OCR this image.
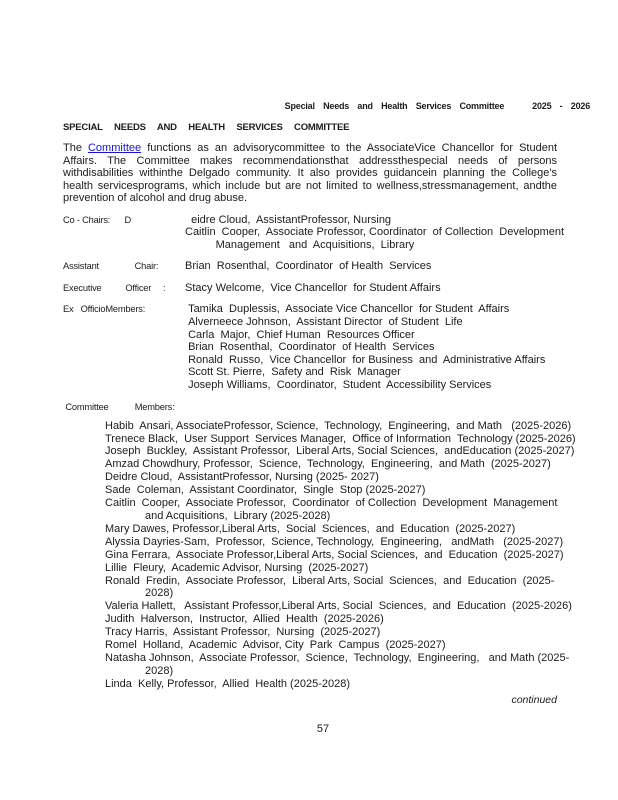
Special Needs and Health Services Committee	2025 - 2026
SPECIAL NEEDS AND HEALTH SERVICES COMMITTEE

The Committee functions as an advisorycommittee to the AssociateVice Chancellor for Student Affairs. The Committee makes recommendationsthat addressthespecial needs of persons withdisabilities withinthe Delgado community. It also provides guidancein planning the College's health servicesprograms, which include but are not limited to wellness,stressmanagement, andthe prevention of alcohol and drug abuse.

Co - Chairs:      D	eidre Cloud,  AssistantProfessor, Nursing
Caitlin  Cooper,  Associate Professor, Coordinator  of Collection  Development
Management   and  Acquisitions,  Library
Assistant               Chair:	Brian  Rosenthal,  Coordinator  of Health  Services
Executive          Officer     :	Stacy Welcome,  Vice Chancellor  for Student Affairs
Ex   OfficioMembers:	Tamika  Duplessis,  Associate Vice Chancellor  for Student  Affairs
Alverneece Johnson,  Assistant Director  of Student  Life
Carla  Major,  Chief Human  Resources Officer
Brian  Rosenthal,  Coordinator  of Health  Services
Ronald  Russo,  Vice Chancellor  for Business  and  Administrative Affairs
Scott St. Pierre,  Safety and  Risk  Manager
Joseph Williams,  Coordinator,  Student  Accessibility Services
Committee           Members:
Habib  Ansari, AssociateProfessor, Science,  Technology,  Engineering,  and Math   (2025-2026)
Trenece Black,  User Support  Services Manager,  Office of Information  Technology (2025-2026)
Joseph  Buckley,  Assistant Professor,  Liberal Arts, Social Sciences,  andEducation (2025-2027)
Amzad Chowdhury, Professor,  Science,  Technology,  Engineering,  and Math  (2025-2027)
Deidre Cloud,  AssistantProfessor, Nursing (2025- 2027)
Sade  Coleman,  Assistant Coordinator,  Single  Stop (2025-2027)
Caitlin  Cooper,  Associate Professor,  Coordinator  of Collection  Development  Management  and Acquisitions,  Library (2025-2028)
Mary Dawes, Professor,Liberal Arts,  Social  Sciences,  and  Education  (2025-2027)
Alyssia Dayries-Sam,  Professor,  Science, Technology,  Engineering,   andMath   (2025-2027)
Gina Ferrara,  Associate Professor,Liberal Arts, Social Sciences,  and  Education  (2025-2027)
Lillie  Fleury,  Academic Advisor, Nursing  (2025-2027)
Ronald  Fredin,  Associate Professor,  Liberal Arts, Social  Sciences,  and  Education  (2025-2028)
Valeria Hallett,   Assistant Professor,Liberal Arts, Social  Sciences,  and  Education  (2025-2026)
Judith  Halverson,  Instructor,  Allied  Health  (2025-2026)
Tracy Harris,  Assistant Professor,  Nursing  (2025-2027)
Romel  Holland,  Academic  Advisor, City  Park  Campus  (2025-2027)
Natasha Johnson,  Associate Professor,  Science,  Technology,  Engineering,   and Math (2025-2028)
Linda  Kelly, Professor,  Allied  Health (2025-2028)
continued
57
